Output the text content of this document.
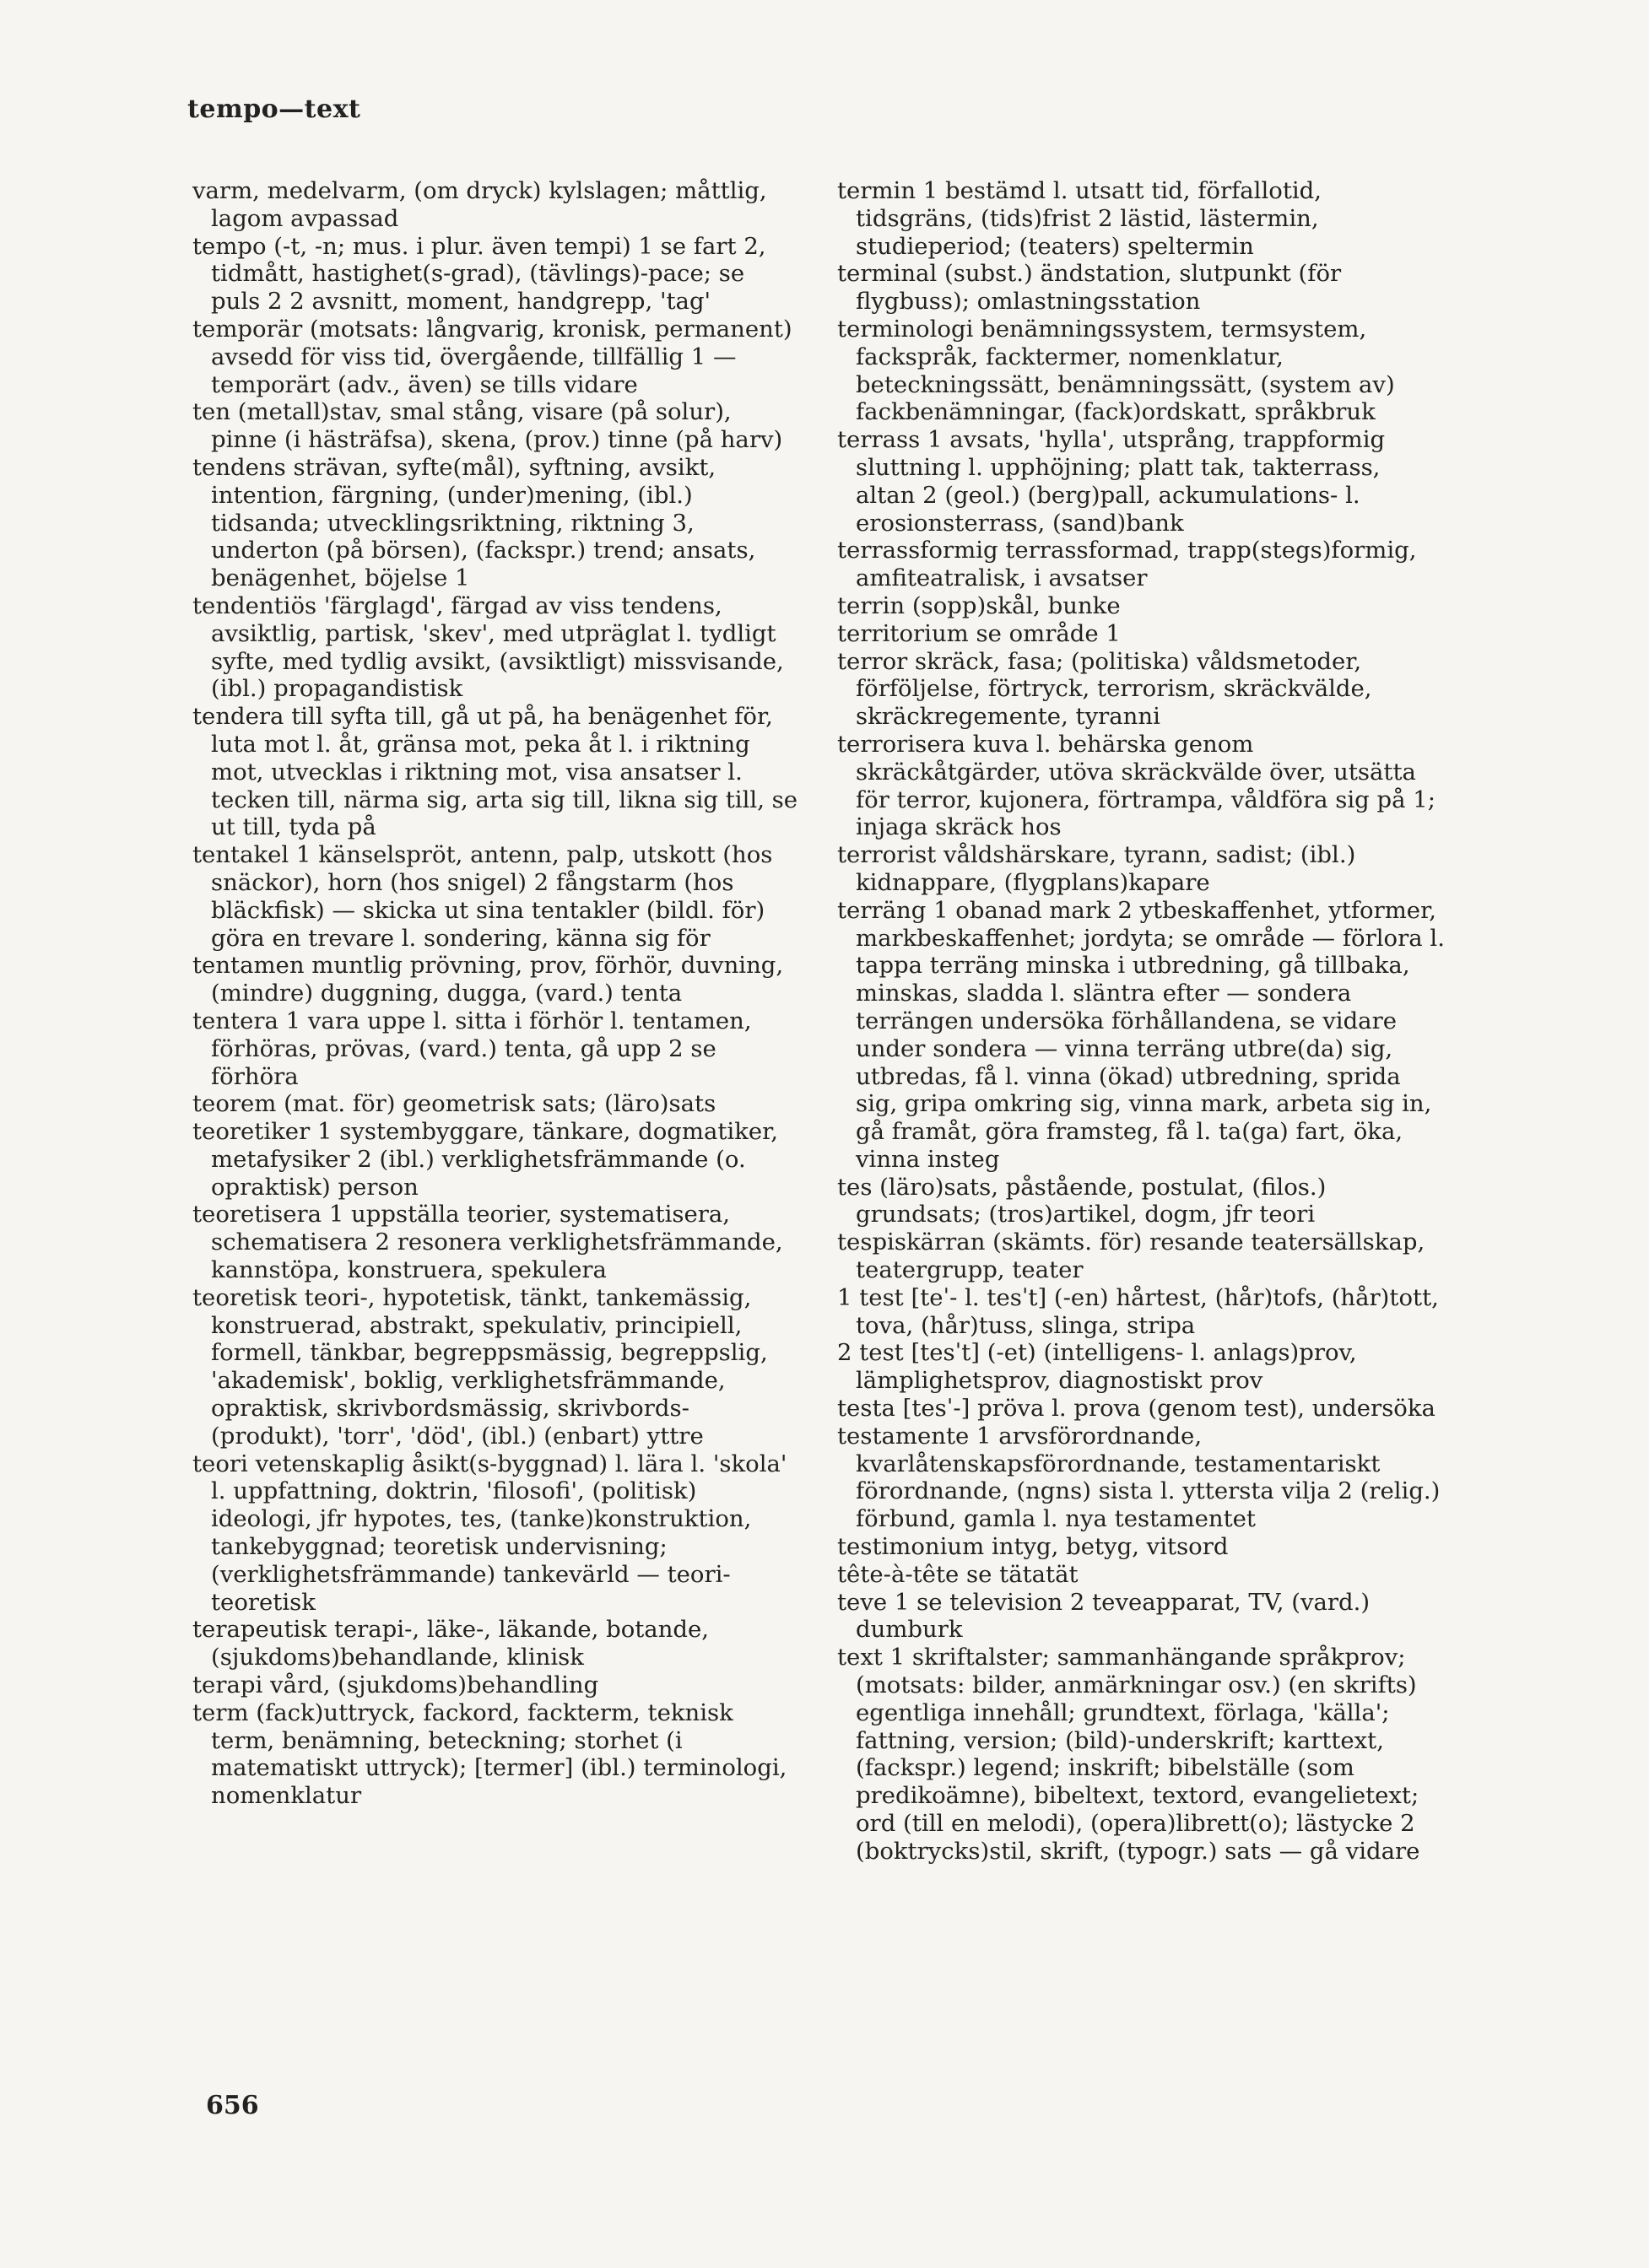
tempo—text

varm, medelvarm, (om dryck) kylslagen; måttlig, lagom avpassad

tempo (-t, -n; mus. i plur. även tempi) 1 se fart 2, tidmått, hastighet(s-grad), (tävlings)-pace; se puls 2 2 avsnitt, moment, handgrepp, 'tag'

temporär (motsats: långvarig, kronisk, permanent) avsedd för viss tid, övergående, tillfällig 1 — temporärt (adv., även) se tills vidare

ten (metall)stav, smal stång, visare (på solur), pinne (i hästräfsa), skena, (prov.) tinne (på harv)

tendens strävan, syfte(mål), syftning, avsikt, intention, färgning, (under)mening, (ibl.) tidsanda; utvecklingsriktning, riktning 3, underton (på börsen), (fackspr.) trend; ansats, benägenhet, böjelse 1

tendentiös 'färglagd', färgad av viss tendens, avsiktlig, partisk, 'skev', med utpräglat l. tydligt syfte, med tydlig avsikt, (avsiktligt) missvisande, (ibl.) propagandistisk

tendera till syfta till, gå ut på, ha benägenhet för, luta mot l. åt, gränsa mot, peka åt l. i riktning mot, utvecklas i riktning mot, visa ansatser l. tecken till, närma sig, arta sig till, likna sig till, se ut till, tyda på

tentakel 1 känselspröt, antenn, palp, utskott (hos snäckor), horn (hos snigel) 2 fångstarm (hos bläckfisk) — skicka ut sina tentakler (bildl. för) göra en trevare l. sondering, känna sig för

tentamen muntlig prövning, prov, förhör, duvning, (mindre) duggning, dugga, (vard.) tenta

tentera 1 vara uppe l. sitta i förhör l. tentamen, förhöras, prövas, (vard.) tenta, gå upp 2 se förhöra

teorem (mat. för) geometrisk sats; (läro)sats

teoretiker 1 systembyggare, tänkare, dogmatiker, metafysiker 2 (ibl.) verklighetsfrämmande (o. opraktisk) person

teoretisera 1 uppställa teorier, systematisera, schematisera 2 resonera verklighetsfrämmande, kannstöpa, konstruera, spekulera

teoretisk teori-, hypotetisk, tänkt, tankemässig, konstruerad, abstrakt, spekulativ, principiell, formell, tänkbar, begreppsmässig, begreppslig, 'akademisk', boklig, verklighetsfrämmande, opraktisk, skrivbordsmässig, skrivbords-(produkt), 'torr', 'död', (ibl.) (enbart) yttre

teori vetenskaplig åsikt(s-byggnad) l. lära l. 'skola' l. uppfattning, doktrin, 'filosofi', (politisk) ideologi, jfr hypotes, tes, (tanke)konstruktion, tankebyggnad; teoretisk undervisning; (verklighetsfrämmande) tankevärld — teori- teoretisk

terapeutisk terapi-, läke-, läkande, botande, (sjukdoms)behandlande, klinisk

terapi vård, (sjukdoms)behandling

term (fack)uttryck, fackord, fackterm, teknisk term, benämning, beteckning; storhet (i matematiskt uttryck); [termer] (ibl.) terminologi, nomenklatur

termin 1 bestämd l. utsatt tid, förfallotid, tidsgräns, (tids)frist 2 lästid, lästermin, studieperiod; (teaters) speltermin

terminal (subst.) ändstation, slutpunkt (för flygbuss); omlastningsstation

terminologi benämningssystem, termsystem, fackspråk, facktermer, nomenklatur, beteckningssätt, benämningssätt, (system av) fackbenämningar, (fack)ordskatt, språkbruk

terrass 1 avsats, 'hylla', utsprång, trappformig sluttning l. upphöjning; platt tak, takterrass, altan 2 (geol.) (berg)pall, ackumulations- l. erosionsterrass, (sand)bank

terrassformig terrassformad, trapp(stegs)formig, amfiteatralisk, i avsatser

terrin (sopp)skål, bunke

territorium se område 1

terror skräck, fasa; (politiska) våldsmetoder, förföljelse, förtryck, terrorism, skräckvälde, skräckregemente, tyranni

terrorisera kuva l. behärska genom skräckåtgärder, utöva skräckvälde över, utsätta för terror, kujonera, förtrampa, våldföra sig på 1; injaga skräck hos

terrorist våldshärskare, tyrann, sadist; (ibl.) kidnappare, (flygplans)kapare

terräng 1 obanad mark 2 ytbeskaffenhet, ytformer, markbeskaffenhet; jordyta; se område — förlora l. tappa terräng minska i utbredning, gå tillbaka, minskas, sladda l. släntra efter — sondera terrängen undersöka förhållandena, se vidare under sondera — vinna terräng utbre(da) sig, utbredas, få l. vinna (ökad) utbredning, sprida sig, gripa omkring sig, vinna mark, arbeta sig in, gå framåt, göra framsteg, få l. ta(ga) fart, öka, vinna insteg

tes (läro)sats, påstående, postulat, (filos.) grundsats; (tros)artikel, dogm, jfr teori

tespiskärran (skämts. för) resande teatersällskap, teatergrupp, teater

1 test [teˈ- l. tesˈt] (-en) hårtest, (hår)tofs, (hår)tott, tova, (hår)tuss, slinga, stripa

2 test [tesˈt] (-et) (intelligens- l. anlags)prov, lämplighetsprov, diagnostiskt prov

testa [tesˈ-] pröva l. prova (genom test), undersöka

testamente 1 arvsförordnande, kvarlåtenskapsförordnande, testamentariskt förordnande, (ngns) sista l. yttersta vilja 2 (relig.) förbund, gamla l. nya testamentet

testimonium intyg, betyg, vitsord

tête-à-tête se tätatät

teve 1 se television 2 teveapparat, TV, (vard.) dumburk

text 1 skriftalster; sammanhängande språkprov; (motsats: bilder, anmärkningar osv.) (en skrifts) egentliga innehåll; grundtext, förlaga, 'källa'; fattning, version; (bild)-underskrift; karttext, (fackspr.) legend; inskrift; bibelställe (som predikoämne), bibeltext, textord, evangelietext; ord (till en melodi), (opera)librett(o); lästycke 2 (boktrycks)stil, skrift, (typogr.) sats — gå vidare

656
